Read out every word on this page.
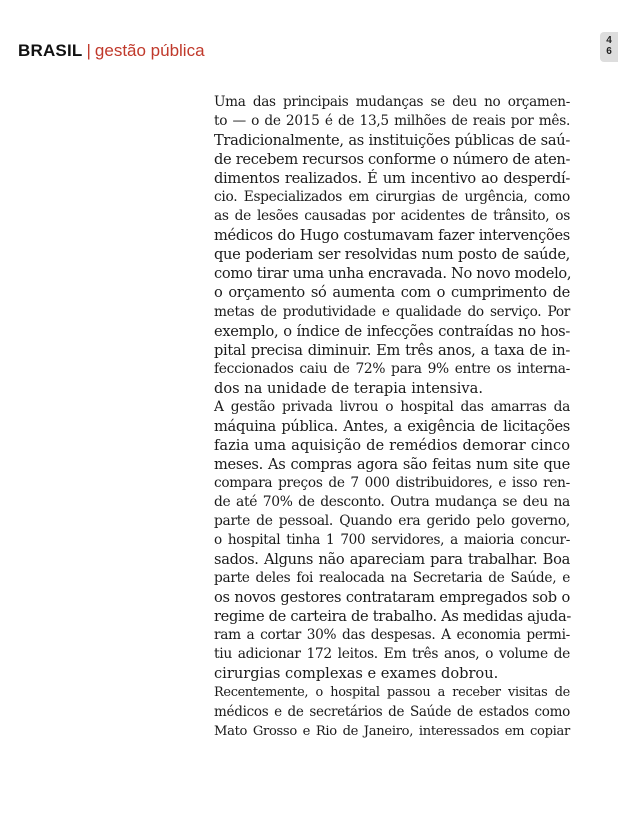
BRASIL | gestão pública
4
6

Uma das principais mudanças se deu no orçamen-
to — o de 2015 é de 13,5 milhões de reais por mês.
Tradicionalmente, as instituições públicas de saú-
de recebem recursos conforme o número de aten-
dimentos realizados. É um incentivo ao desperdí-
cio. Especializados em cirurgias de urgência, como
as de lesões causadas por acidentes de trânsito, os
médicos do Hugo costumavam fazer intervenções
que poderiam ser resolvidas num posto de saúde,
como tirar uma unha encravada. No novo modelo,
o orçamento só aumenta com o cumprimento de
metas de produtividade e qualidade do serviço. Por
exemplo, o índice de infecções contraídas no hos-
pital precisa diminuir. Em três anos, a taxa de in-
feccionados caiu de 72% para 9% entre os interna-
dos na unidade de terapia intensiva.

A gestão privada livrou o hospital das amarras da
máquina pública. Antes, a exigência de licitações
fazia uma aquisição de remédios demorar cinco
meses. As compras agora são feitas num site que
compara preços de 7 000 distribuidores, e isso ren-
de até 70% de desconto. Outra mudança se deu na
parte de pessoal. Quando era gerido pelo governo,
o hospital tinha 1 700 servidores, a maioria concur-
sados. Alguns não apareciam para trabalhar. Boa
parte deles foi realocada na Secretaria de Saúde, e
os novos gestores contrataram empregados sob o
regime de carteira de trabalho. As medidas ajuda-
ram a cortar 30% das despesas. A economia permi-
tiu adicionar 172 leitos. Em três anos, o volume de
cirurgias complexas e exames dobrou.

Recentemente, o hospital passou a receber visitas de
médicos e de secretários de Saúde de estados como
Mato Grosso e Rio de Janeiro, interessados em copiar
